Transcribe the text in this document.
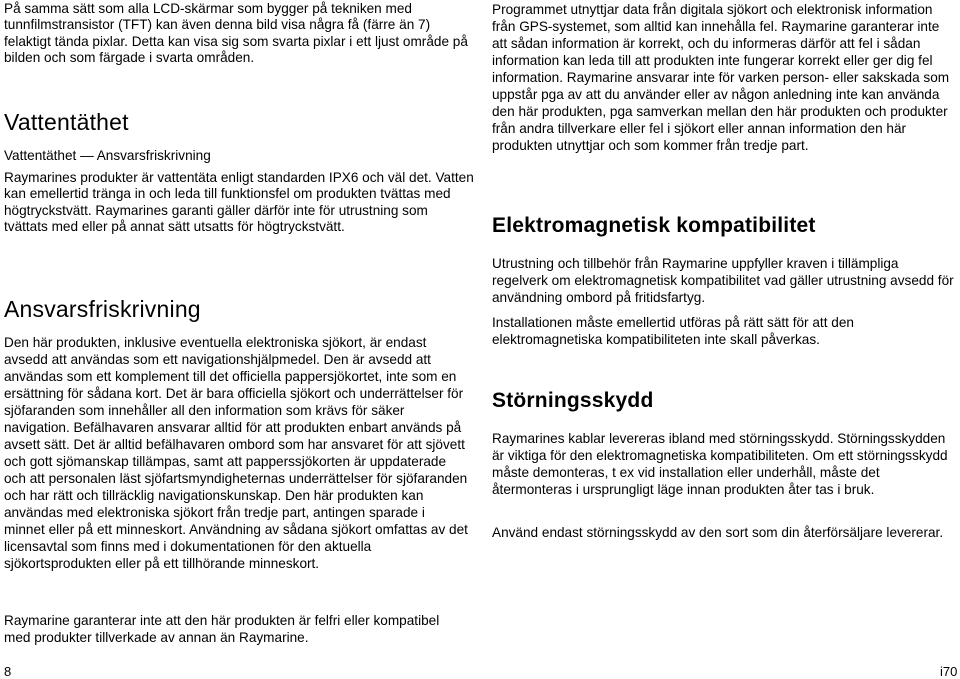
På samma sätt som alla LCD-skärmar som bygger på tekniken med tunnfilmstransistor (TFT) kan även denna bild visa några få (färre än 7) felaktigt tända pixlar. Detta kan visa sig som svarta pixlar i ett ljust område på bilden och som färgade i svarta områden.

Vattentäthet

Vattentäthet — Ansvarsfriskrivning

Raymarines produkter är vattentäta enligt standarden IPX6 och väl det. Vatten kan emellertid tränga in och leda till funktionsfel om produkten tvättas med högtryckstvätt. Raymarines garanti gäller därför inte för utrustning som tvättats med eller på annat sätt utsatts för högtryckstvätt.

Ansvarsfriskrivning

Den här produkten, inklusive eventuella elektroniska sjökort, är endast avsedd att användas som ett navigationshjälpmedel. Den är avsedd att användas som ett komplement till det officiella pappersjökortet, inte som en ersättning för sådana kort. Det är bara officiella sjökort och underrättelser för sjöfaranden som innehåller all den information som krävs för säker navigation. Befälhavaren ansvarar alltid för att produkten enbart används på avsett sätt. Det är alltid befälhavaren ombord som har ansvaret för att sjövett och gott sjömanskap tillämpas, samt att papperssjökorten är uppdaterade och att personalen läst sjöfartsmyndigheternas underrättelser för sjöfaranden och har rätt och tillräcklig navigationskunskap. Den här produkten kan användas med elektroniska sjökort från tredje part, antingen sparade i minnet eller på ett minneskort. Användning av sådana sjökort omfattas av det licensavtal som finns med i dokumentationen för den aktuella sjökortsprodukten eller på ett tillhörande minneskort.

Raymarine garanterar inte att den här produkten är felfri eller kompatibel med produkter tillverkade av annan än Raymarine.

Programmet utnyttjar data från digitala sjökort och elektronisk information från GPS-systemet, som alltid kan innehålla fel. Raymarine garanterar inte att sådan information är korrekt, och du informeras därför att fel i sådan information kan leda till att produkten inte fungerar korrekt eller ger dig fel information. Raymarine ansvarar inte för varken person- eller sakskada som uppstår pga av att du använder eller av någon anledning inte kan använda den här produkten, pga samverkan mellan den här produkten och produkter från andra tillverkare eller fel i sjökort eller annan information den här produkten utnyttjar och som kommer från tredje part.

Elektromagnetisk kompatibilitet

Utrustning och tillbehör från Raymarine uppfyller kraven i tillämpliga regelverk om elektromagnetisk kompatibilitet vad gäller utrustning avsedd för användning ombord på fritidsfartyg.

Installationen måste emellertid utföras på rätt sätt för att den elektromagnetiska kompatibiliteten inte skall påverkas.

Störningsskydd

Raymarines kablar levereras ibland med störningsskydd. Störningsskydden är viktiga för den elektromagnetiska kompatibiliteten. Om ett störningsskydd måste demonteras, t ex vid installation eller underhåll, måste det återmonteras i ursprungligt läge innan produkten åter tas i bruk.

Använd endast störningsskydd av den sort som din återförsäljare levererar.

8	i70
